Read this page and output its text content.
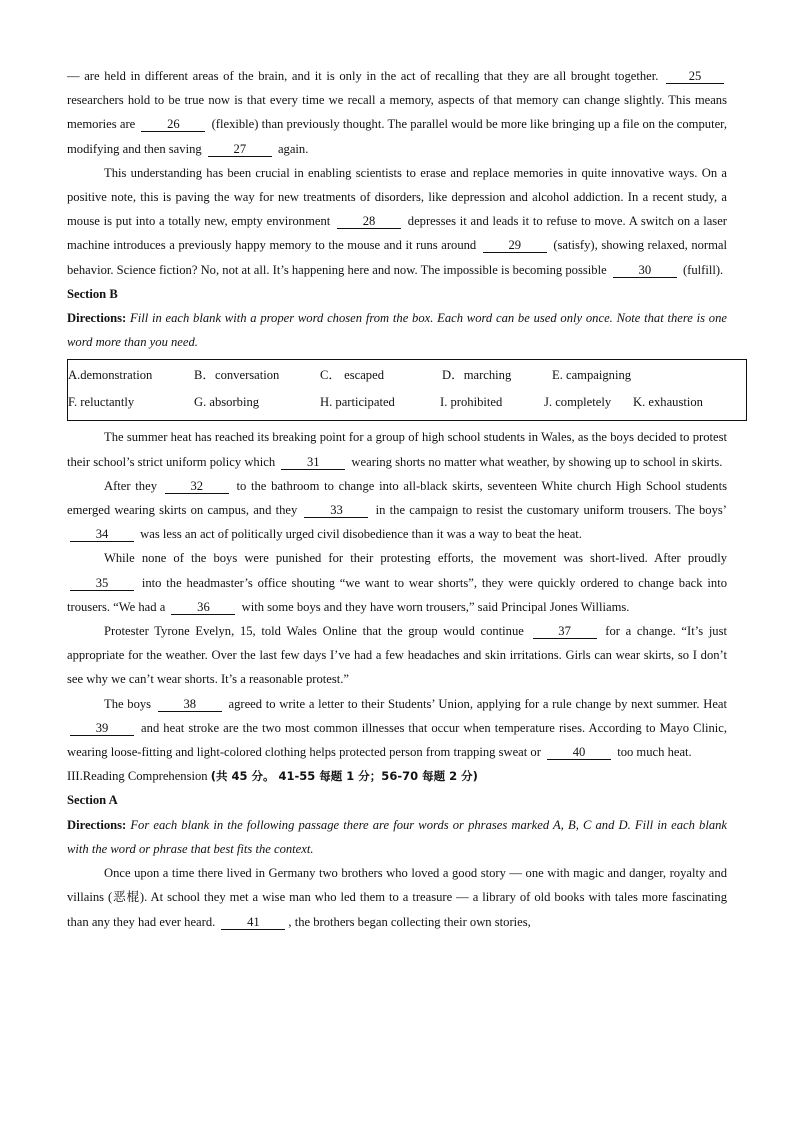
— are held in different areas of the brain, and it is only in the act of recalling that they are all brought together. 25 researchers hold to be true now is that every time we recall a memory, aspects of that memory can change slightly. This means memories are 26 (flexible) than previously thought. The parallel would be more like bringing up a file on the computer, modifying and then saving 27 again.

This understanding has been crucial in enabling scientists to erase and replace memories in quite innovative ways. On a positive note, this is paving the way for new treatments of disorders, like depression and alcohol addiction. In a recent study, a mouse is put into a totally new, empty environment 28 depresses it and leads it to refuse to move. A switch on a laser machine introduces a previously happy memory to the mouse and it runs around 29 (satisfy), showing relaxed, normal behavior. Science fiction? No, not at all. It’s happening here and now. The impossible is becoming possible 30 (fulfill).

Section B

Directions: Fill in each blank with a proper word chosen from the box. Each word can be used only once. Note that there is one word more than you need.

A.demonstration	B．conversation	C． escaped	D．marching	E. campaigning
F. reluctantly	G. absorbing	H. participated	I. prohibited	J. completely	K. exhaustion

The summer heat has reached its breaking point for a group of high school students in Wales, as the boys decided to protest their school’s strict uniform policy which 31 wearing shorts no matter what weather, by showing up to school in skirts.

After they 32 to the bathroom to change into all-black skirts, seventeen White church High School students emerged wearing skirts on campus, and they 33 in the campaign to resist the customary uniform trousers. The boys’ 34 was less an act of politically urged civil disobedience than it was a way to beat the heat.

While none of the boys were punished for their protesting efforts, the movement was short-lived. After proudly 35 into the headmaster’s office shouting “we want to wear shorts”, they were quickly ordered to change back into trousers. “We had a 36 with some boys and they have worn trousers,” said Principal Jones Williams.

Protester Tyrone Evelyn, 15, told Wales Online that the group would continue 37 for a change. “It’s just appropriate for the weather. Over the last few days I’ve had a few headaches and skin irritations. Girls can wear skirts, so I don’t see why we can’t wear shorts. It’s a reasonable protest.”

The boys 38 agreed to write a letter to their Students’ Union, applying for a rule change by next summer. Heat 39 and heat stroke are the two most common illnesses that occur when temperature rises. According to Mayo Clinic, wearing loose-fitting and light-colored clothing helps protected person from trapping sweat or 40 too much heat.

III.Reading Comprehension (共 45 分。 41-55 每题 1 分；56-70 每题 2 分)

Section A

Directions: For each blank in the following passage there are four words or phrases marked A, B, C and D. Fill in each blank with the word or phrase that best fits the context.

Once upon a time there lived in Germany two brothers who loved a good story — one with magic and danger, royalty and villains (恶棍). At school they met a wise man who led them to a treasure — a library of old books with tales more fascinating than any they had ever heard. 41 , the brothers began collecting their own stories,
